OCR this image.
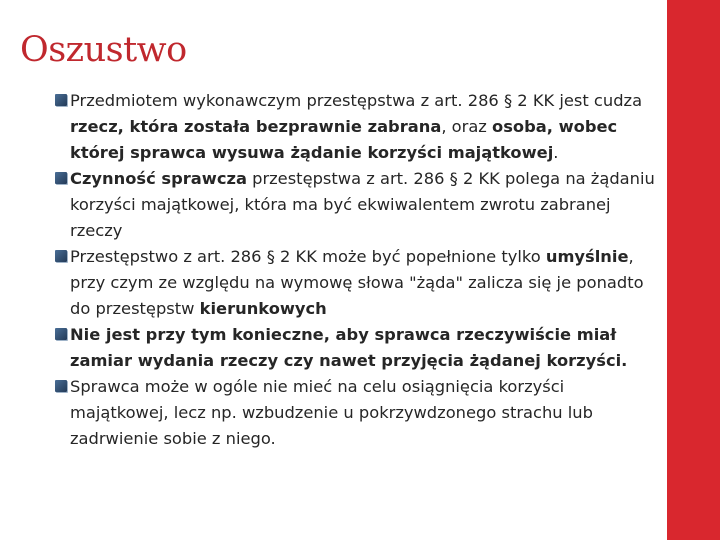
Oszustwo
Przedmiotem wykonawczym przestępstwa z art. 286 § 2 KK jest cudza rzecz, która została bezprawnie zabrana, oraz osoba, wobec której sprawca wysuwa żądanie korzyści majątkowej.
Czynność sprawcza przestępstwa z art. 286 § 2 KK polega na żądaniu korzyści majątkowej, która ma być ekwiwalentem zwrotu zabranej rzeczy
Przestępstwo z art. 286 § 2 KK może być popełnione tylko umyślnie, przy czym ze względu na wymowę słowa "żąda" zalicza się je ponadto do przestępstw kierunkowych
Nie jest przy tym konieczne, aby sprawca rzeczywiście miał zamiar wydania rzeczy czy nawet przyjęcia żądanej korzyści.
Sprawca może w ogóle nie mieć na celu osiągnięcia korzyści majątkowej, lecz np. wzbudzenie u pokrzywdzonego strachu lub zadrwienie sobie z niego.
